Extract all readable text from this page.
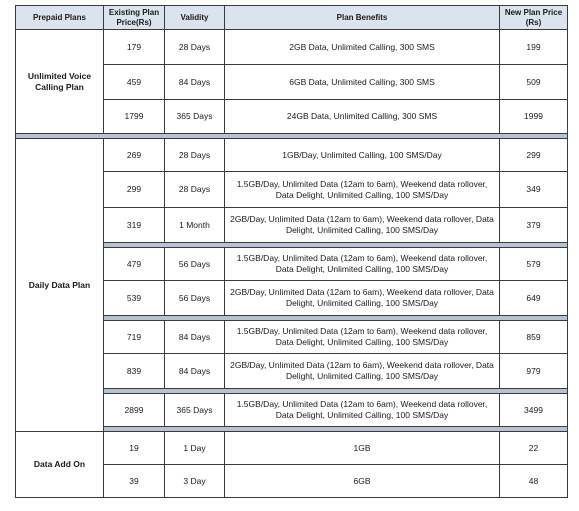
Prepaid Plans	Existing Plan Price(Rs)	Validity	Plan Benefits	New Plan Price (Rs)
Unlimited Voice Calling Plan	179	28 Days	2GB Data, Unlimited Calling, 300 SMS	199
	459	84 Days	6GB Data, Unlimited Calling, 300 SMS	509
	1799	365 Days	24GB Data, Unlimited Calling, 300 SMS	1999

Daily Data Plan	269	28 Days	1GB/Day, Unlimited Calling, 100 SMS/Day	299
	299	28 Days	1.5GB/Day, Unlimited Data (12am to 6am), Weekend data rollover, Data Delight, Unlimited Calling, 100 SMS/Day	349
	319	1 Month	2GB/Day, Unlimited Data (12am to 6am), Weekend data rollover, Data Delight, Unlimited Calling, 100 SMS/Day	379

	479	56 Days	1.5GB/Day, Unlimited Data (12am to 6am), Weekend data rollover, Data Delight, Unlimited Calling, 100 SMS/Day	579
	539	56 Days	2GB/Day, Unlimited Data (12am to 6am), Weekend data rollover, Data Delight, Unlimited Calling, 100 SMS/Day	649

	719	84 Days	1.5GB/Day, Unlimited Data (12am to 6am), Weekend data rollover, Data Delight, Unlimited Calling, 100 SMS/Day	859
	839	84 Days	2GB/Day, Unlimited Data (12am to 6am), Weekend data rollover, Data Delight, Unlimited Calling, 100 SMS/Day	979

	2899	365 Days	1.5GB/Day, Unlimited Data (12am to 6am), Weekend data rollover, Data Delight, Unlimited Calling, 100 SMS/Day	3499

Data Add On	19	1 Day	1GB	22
	39	3 Day	6GB	48
